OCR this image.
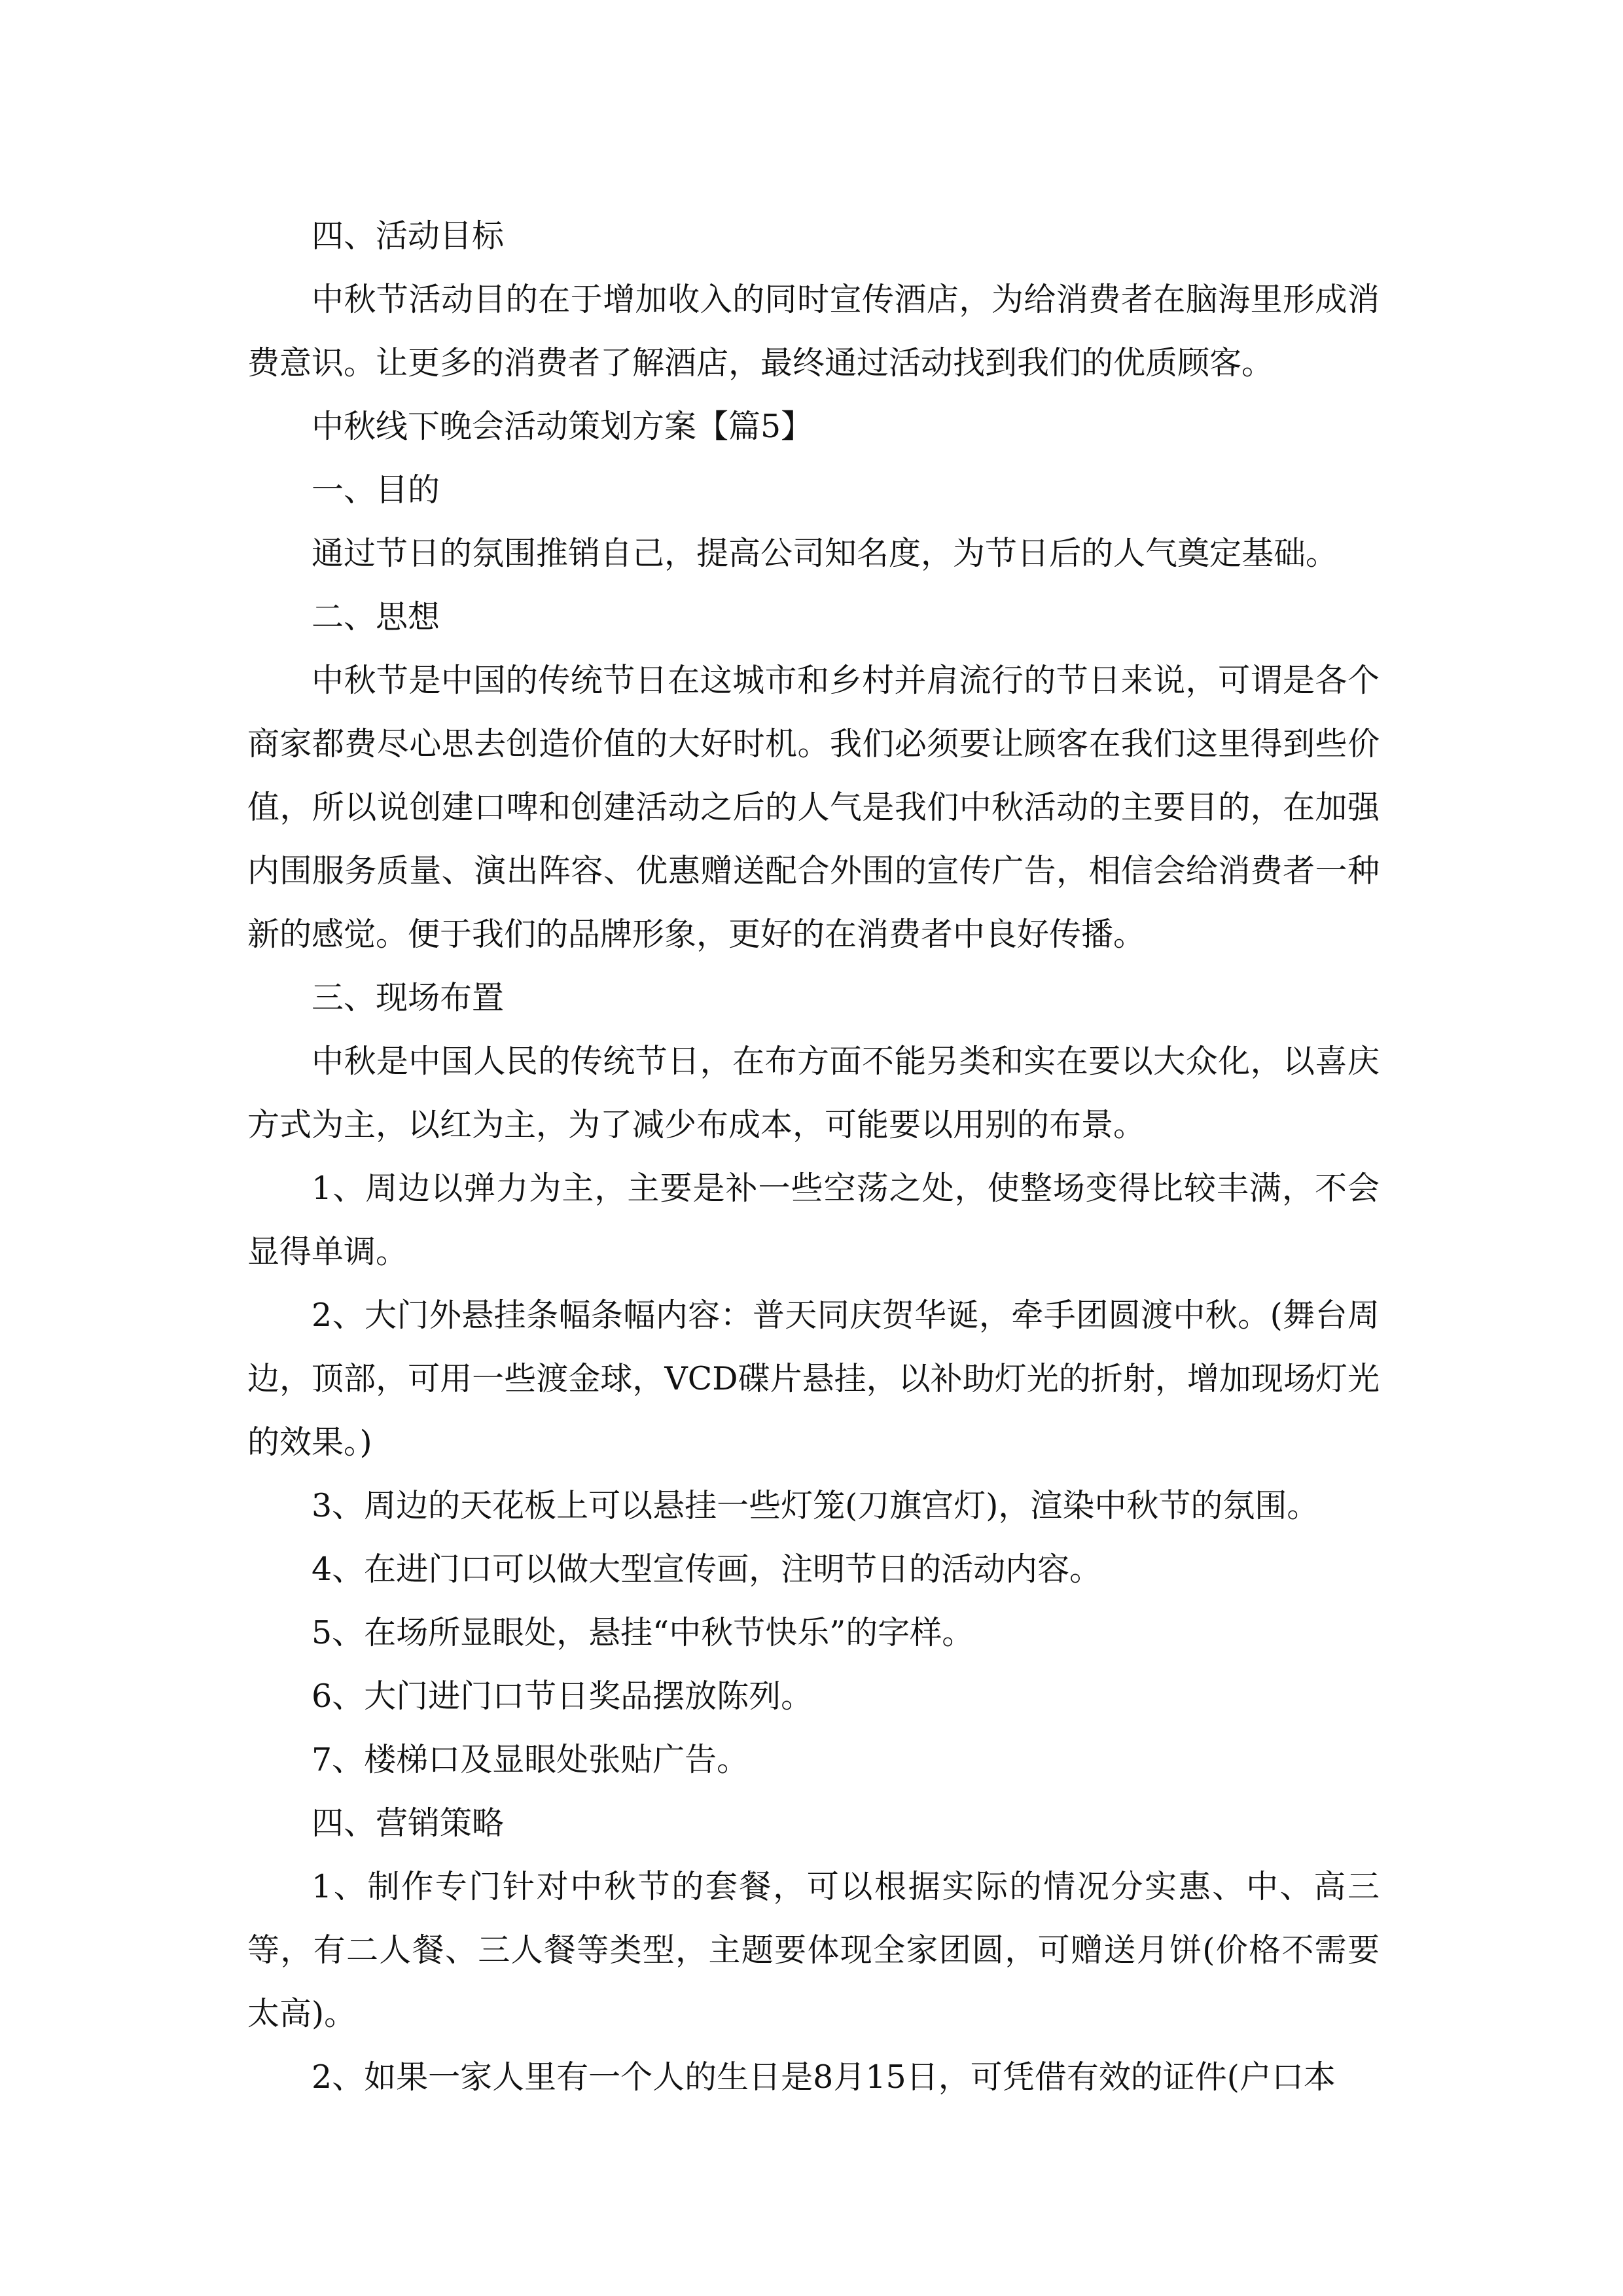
四、活动目标

中秋节活动目的在于增加收入的同时宣传酒店，为给消费者在脑海里形成消费意识。让更多的消费者了解酒店，最终通过活动找到我们的优质顾客。

中秋线下晚会活动策划方案【篇5】

一、目的

通过节日的氛围推销自己，提高公司知名度，为节日后的人气奠定基础。

二、思想

中秋节是中国的传统节日在这城市和乡村并肩流行的节日来说，可谓是各个商家都费尽心思去创造价值的大好时机。我们必须要让顾客在我们这里得到些价值，所以说创建口啤和创建活动之后的人气是我们中秋活动的主要目的，在加强内围服务质量、演出阵容、优惠赠送配合外围的宣传广告，相信会给消费者一种新的感觉。便于我们的品牌形象，更好的在消费者中良好传播。

三、现场布置

中秋是中国人民的传统节日，在布方面不能另类和实在要以大众化，以喜庆方式为主，以红为主，为了减少布成本，可能要以用别的布景。

1、周边以弹力为主，主要是补一些空荡之处，使整场变得比较丰满，不会显得单调。

2、大门外悬挂条幅条幅内容：普天同庆贺华诞，牵手团圆渡中秋。(舞台周边，顶部，可用一些渡金球，VCD碟片悬挂，以补助灯光的折射，增加现场灯光的效果。)

3、周边的天花板上可以悬挂一些灯笼(刀旗宫灯)，渲染中秋节的氛围。

4、在进门口可以做大型宣传画，注明节日的活动内容。

5、在场所显眼处，悬挂“中秋节快乐”的字样。

6、大门进门口节日奖品摆放陈列。

7、楼梯口及显眼处张贴广告。

四、营销策略

1、制作专门针对中秋节的套餐，可以根据实际的情况分实惠、中、高三等，有二人餐、三人餐等类型，主题要体现全家团圆，可赠送月饼(价格不需要太高)。

2、如果一家人里有一个人的生日是8月15日，可凭借有效的证件(户口本
